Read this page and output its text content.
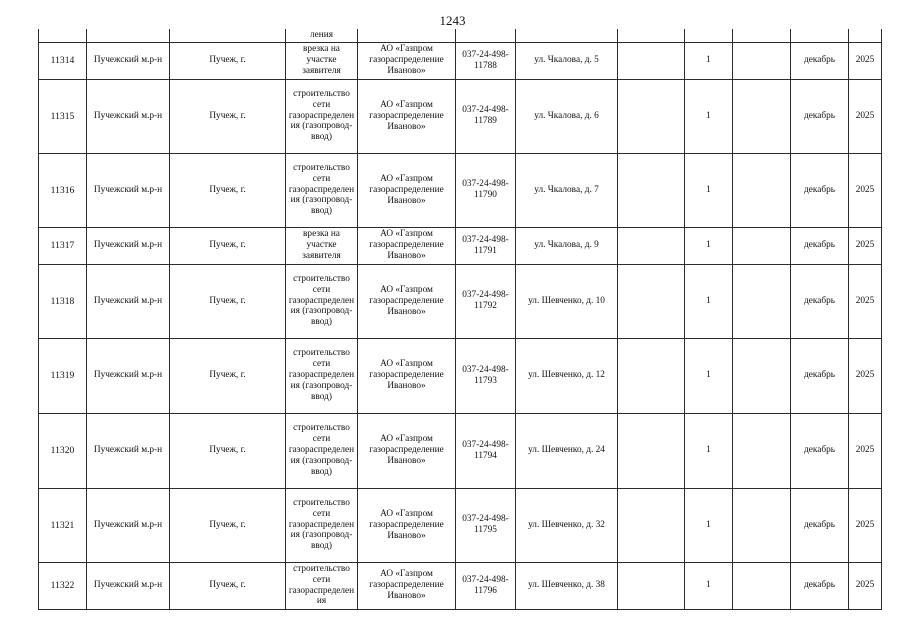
1243
			ления								
11314	Пучежский м.р-н	Пучеж, г.	врезка на участке заявителя	АО «Газпром газораспределение Иваново»	037-24-498-11788	ул. Чкалова, д. 5		1		декабрь	2025
11315	Пучежский м.р-н	Пучеж, г.	строительство сети газораспределения (газопровод-ввод)	АО «Газпром газораспределение Иваново»	037-24-498-11789	ул. Чкалова, д. 6		1		декабрь	2025
11316	Пучежский м.р-н	Пучеж, г.	строительство сети газораспределения (газопровод-ввод)	АО «Газпром газораспределение Иваново»	037-24-498-11790	ул. Чкалова, д. 7		1		декабрь	2025
11317	Пучежский м.р-н	Пучеж, г.	врезка на участке заявителя	АО «Газпром газораспределение Иваново»	037-24-498-11791	ул. Чкалова, д. 9		1		декабрь	2025
11318	Пучежский м.р-н	Пучеж, г.	строительство сети газораспределения (газопровод-ввод)	АО «Газпром газораспределение Иваново»	037-24-498-11792	ул. Шевченко, д. 10		1		декабрь	2025
11319	Пучежский м.р-н	Пучеж, г.	строительство сети газораспределения (газопровод-ввод)	АО «Газпром газораспределение Иваново»	037-24-498-11793	ул. Шевченко, д. 12		1		декабрь	2025
11320	Пучежский м.р-н	Пучеж, г.	строительство сети газораспределения (газопровод-ввод)	АО «Газпром газораспределение Иваново»	037-24-498-11794	ул. Шевченко, д. 24		1		декабрь	2025
11321	Пучежский м.р-н	Пучеж, г.	строительство сети газораспределения (газопровод-ввод)	АО «Газпром газораспределение Иваново»	037-24-498-11795	ул. Шевченко, д. 32		1		декабрь	2025
11322	Пучежский м.р-н	Пучеж, г.	строительство сети газораспределения	АО «Газпром газораспределение Иваново»	037-24-498-11796	ул. Шевченко, д. 38		1		декабрь	2025
